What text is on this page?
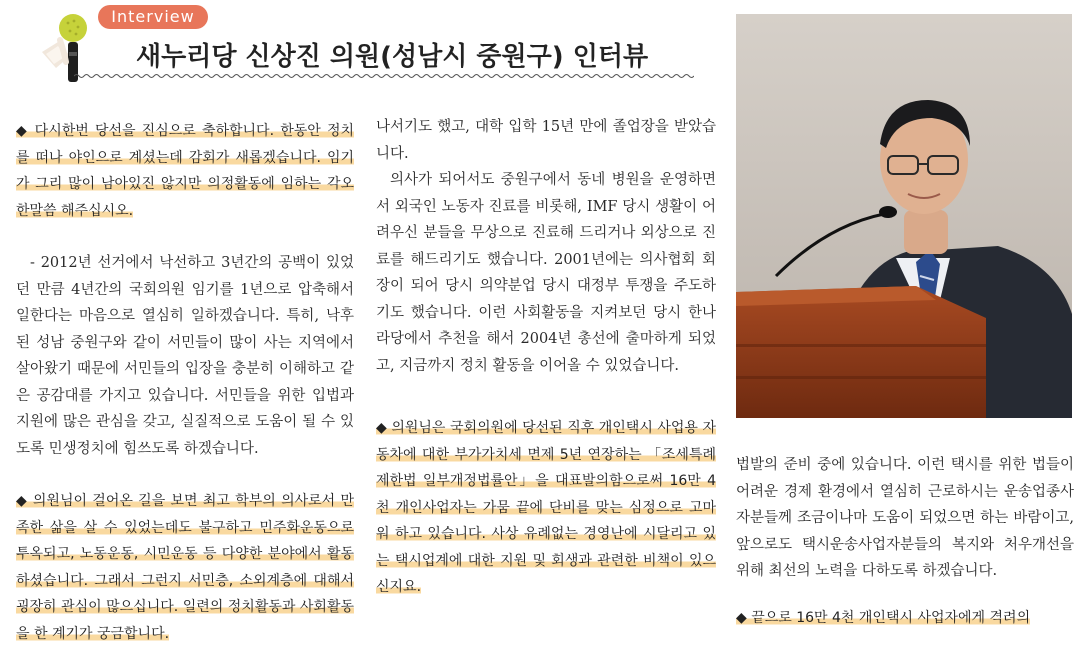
Interview
새누리당 신상진 의원(성남시 중원구) 인터뷰

◆ 다시한번 당선을 진심으로 축하합니다. 한동안 정치를 떠나 야인으로 계셨는데 감회가 새롭겠습니다. 임기가 그리 많이 남아있진 않지만 의정활동에 임하는 각오 한말씀 해주십시오.

- 2012년 선거에서 낙선하고 3년간의 공백이 있었던 만큼 4년간의 국회의원 임기를 1년으로 압축해서 일한다는 마음으로 열심히 일하겠습니다. 특히, 낙후된 성남 중원구와 같이 서민들이 많이 사는 지역에서 살아왔기 때문에 서민들의 입장을 충분히 이해하고 같은 공감대를 가지고 있습니다. 서민들을 위한 입법과 지원에 많은 관심을 갖고, 실질적으로 도움이 될 수 있도록 민생정치에 힘쓰도록 하겠습니다.

◆ 의원님이 걸어온 길을 보면 최고 학부의 의사로서 만족한 삶을 살 수 있었는데도 불구하고 민주화운동으로 투옥되고, 노동운동, 시민운동 등 다양한 분야에서 활동하셨습니다. 그래서 그런지 서민층, 소외계층에 대해서 굉장히 관심이 많으십니다. 일련의 정치활동과 사회활동을 한 계기가 궁금합니다.

나서기도 했고, 대학 입학 15년 만에 졸업장을 받았습니다.

의사가 되어서도 중원구에서 동네 병원을 운영하면서 외국인 노동자 진료를 비롯해, IMF 당시 생활이 어려우신 분들을 무상으로 진료해 드리거나 외상으로 진료를 해드리기도 했습니다. 2001년에는 의사협회 회장이 되어 당시 의약분업 당시 대정부 투쟁을 주도하기도 했습니다. 이런 사회활동을 지켜보던 당시 한나라당에서 추천을 해서 2004년 총선에 출마하게 되었고, 지금까지 정치 활동을 이어올 수 있었습니다.

◆ 의원님은 국회의원에 당선된 직후 개인택시 사업용 자동차에 대한 부가가치세 면제 5년 연장하는 「조세특례제한법 일부개정법률안」을 대표발의함으로써 16만 4천 개인사업자는 가뭄 끝에 단비를 맞는 심정으로 고마워 하고 있습니다. 사상 유례없는 경영난에 시달리고 있는 택시업계에 대한 지원 및 회생과 관련한 비책이 있으신지요.

법발의 준비 중에 있습니다. 이런 택시를 위한 법들이 어려운 경제 환경에서 열심히 근로하시는 운송업종사자분들께 조금이나마 도움이 되었으면 하는 바람이고, 앞으로도 택시운송사업자분들의 복지와 처우개선을 위해 최선의 노력을 다하도록 하겠습니다.

◆ 끝으로 16만 4천 개인택시 사업자에게 격려의
